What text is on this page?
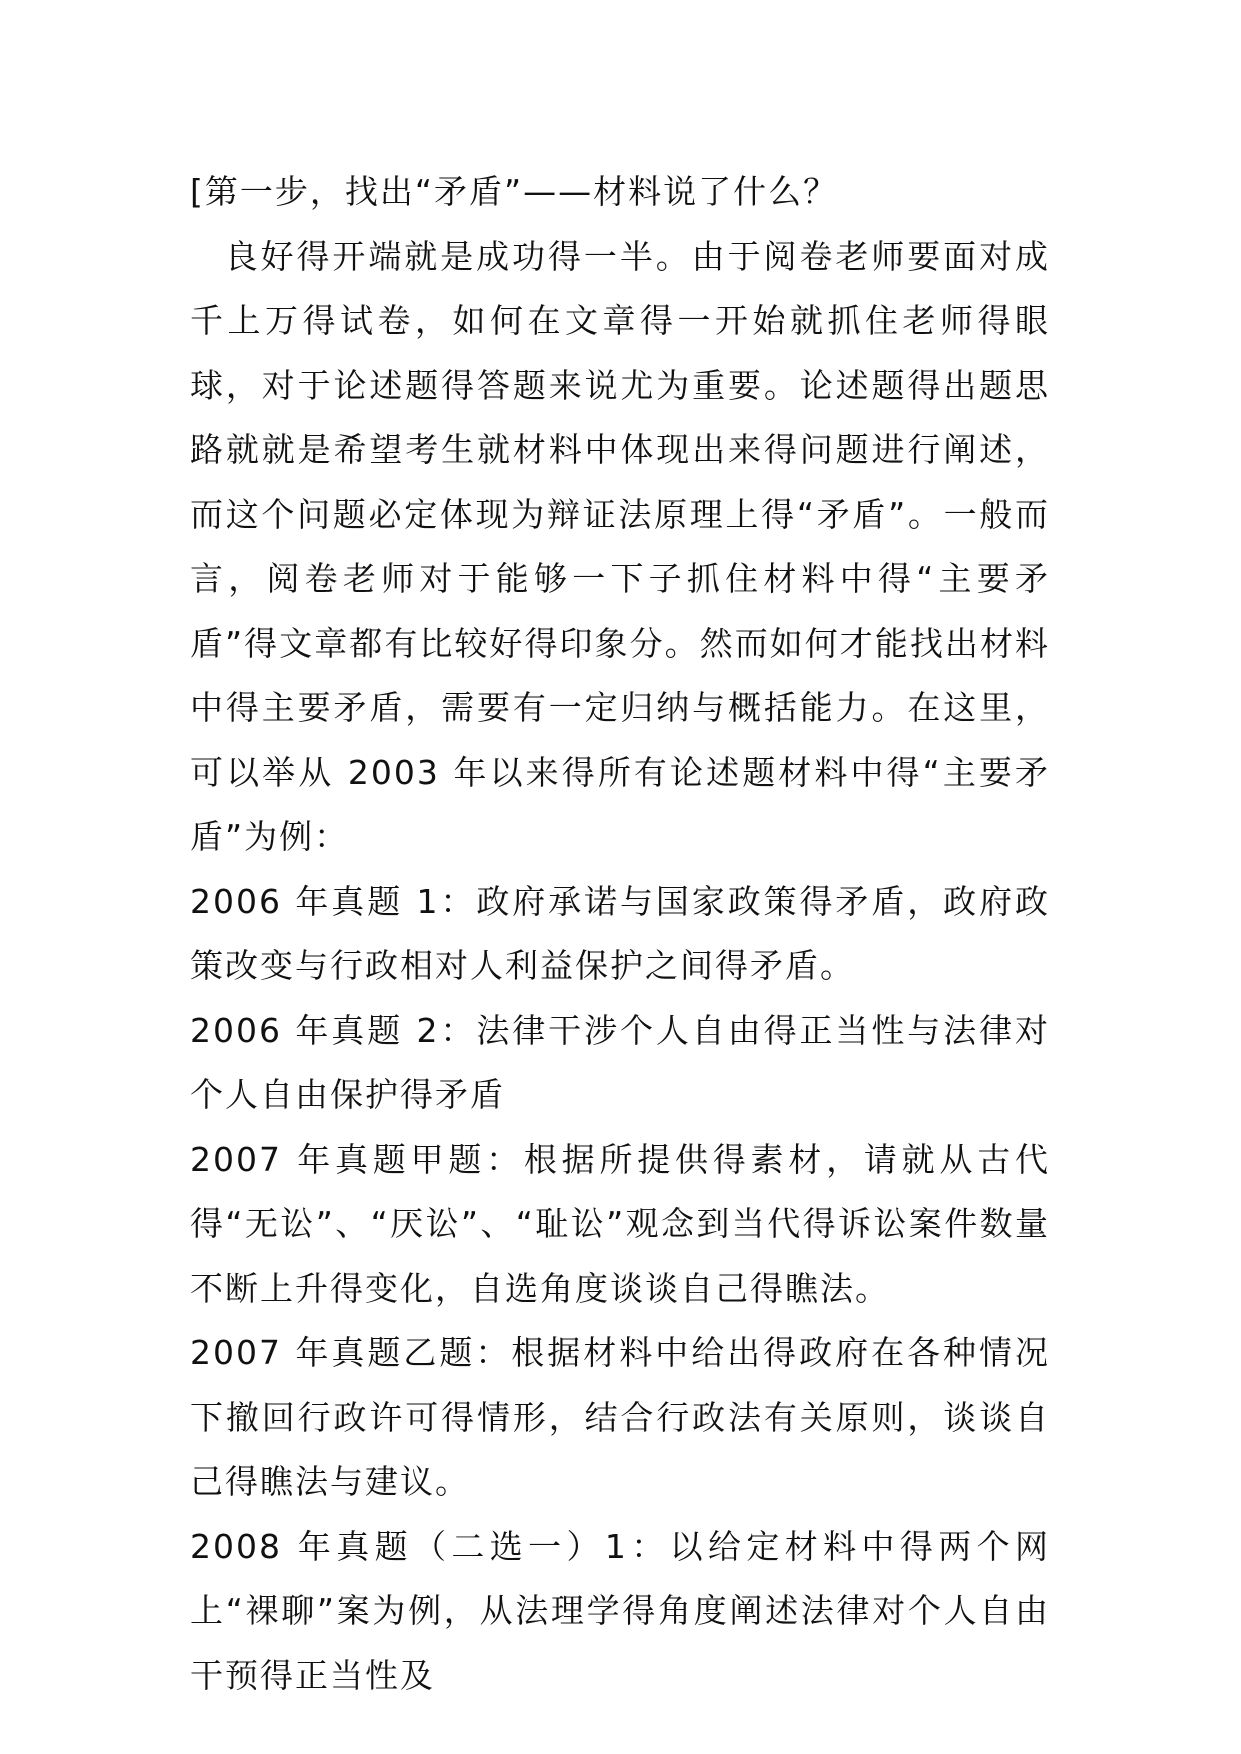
[第一步，找出“矛盾”——材料说了什么？

良好得开端就是成功得一半。由于阅卷老师要面对成千上万得试卷，如何在文章得一开始就抓住老师得眼球，对于论述题得答题来说尤为重要。论述题得出题思路就就是希望考生就材料中体现出来得问题进行阐述，而这个问题必定体现为辩证法原理上得“矛盾”。一般而言，阅卷老师对于能够一下子抓住材料中得“主要矛盾”得文章都有比较好得印象分。然而如何才能找出材料中得主要矛盾，需要有一定归纳与概括能力。在这里，可以举从 2003 年以来得所有论述题材料中得“主要矛盾”为例：

2006 年真题 1：政府承诺与国家政策得矛盾，政府政策改变与行政相对人利益保护之间得矛盾。

2006 年真题 2：法律干涉个人自由得正当性与法律对个人自由保护得矛盾

2007 年真题甲题：根据所提供得素材，请就从古代得“无讼”、“厌讼”、“耻讼”观念到当代得诉讼案件数量不断上升得变化，自选角度谈谈自己得瞧法。

2007 年真题乙题：根据材料中给出得政府在各种情况下撤回行政许可得情形，结合行政法有关原则，谈谈自己得瞧法与建议。

2008 年真题（二选一）1：以给定材料中得两个网上“裸聊”案为例，从法理学得角度阐述法律对个人自由干预得正当性及
